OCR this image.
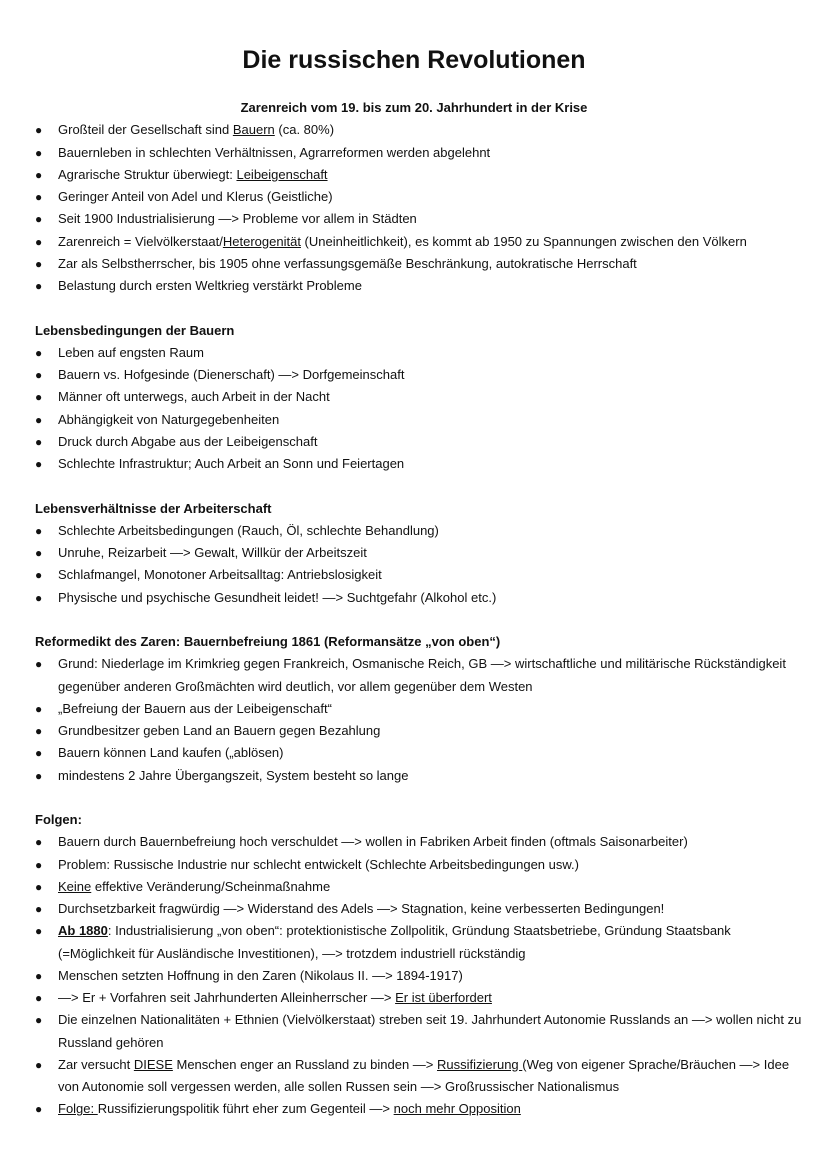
Die russischen Revolutionen
Zarenreich vom 19. bis zum 20. Jahrhundert in der Krise
● Großteil der Gesellschaft sind Bauern (ca. 80%)
● Bauernleben in schlechten Verhältnissen, Agrarreformen werden abgelehnt
● Agrarische Struktur überwiegt: Leibeigenschaft
● Geringer Anteil von Adel und Klerus (Geistliche)
● Seit 1900 Industrialisierung —> Probleme vor allem in Städten
● Zarenreich = Vielvölkerstaat/Heterogenität (Uneinheitlichkeit), es kommt ab 1950 zu Spannungen zwischen den Völkern
● Zar als Selbstherrscher, bis 1905 ohne verfassungsgemäße Beschränkung, autokratische Herrschaft
● Belastung durch ersten Weltkrieg verstärkt Probleme
Lebensbedingungen der Bauern
● Leben auf engsten Raum
● Bauern vs. Hofgesinde (Dienerschaft) —> Dorfgemeinschaft
● Männer oft unterwegs, auch Arbeit in der Nacht
● Abhängigkeit von Naturgegebenheiten
● Druck durch Abgabe aus der Leibeigenschaft
● Schlechte Infrastruktur; Auch Arbeit an Sonn und Feiertagen
Lebensverhältnisse der Arbeiterschaft
● Schlechte Arbeitsbedingungen (Rauch, Öl, schlechte Behandlung)
● Unruhe, Reizarbeit —> Gewalt, Willkür der Arbeitszeit
● Schlafmangel, Monotoner Arbeitsalltag: Antriebslosigkeit
● Physische und psychische Gesundheit leidet! —> Suchtgefahr (Alkohol etc.)
Reformedikt des Zaren: Bauernbefreiung 1861 (Reformansätze „von oben“)
● Grund: Niederlage im Krimkrieg gegen Frankreich, Osmanische Reich, GB —> wirtschaftliche und militärische Rückständigkeit gegenüber anderen Großmächten wird deutlich, vor allem gegenüber dem Westen
● „Befreiung der Bauern aus der Leibeigenschaft“
● Grundbesitzer geben Land an Bauern gegen Bezahlung
● Bauern können Land kaufen („ablösen)
● mindestens 2 Jahre Übergangszeit, System besteht so lange
Folgen:
● Bauern durch Bauernbefreiung hoch verschuldet —> wollen in Fabriken Arbeit finden (oftmals Saisonarbeiter)
● Problem: Russische Industrie nur schlecht entwickelt (Schlechte Arbeitsbedingungen usw.)
● Keine effektive Veränderung/Scheinmaßnahme
● Durchsetzbarkeit fragwürdig —> Widerstand des Adels —> Stagnation, keine verbesserten Bedingungen!
● Ab 1880: Industrialisierung „von oben“: protektionistische Zollpolitik, Gründung Staatsbetriebe, Gründung Staatsbank (=Möglichkeit für Ausländische Investitionen), —> trotzdem industriell rückständig
● Menschen setzten Hoffnung in den Zaren (Nikolaus II. —> 1894-1917)
● —> Er + Vorfahren seit Jahrhunderten Alleinherrscher —> Er ist überfordert
● Die einzelnen Nationalitäten + Ethnien (Vielvölkerstaat) streben seit 19. Jahrhundert Autonomie Russlands an —> wollen nicht zu Russland gehören
● Zar versucht DIESE Menschen enger an Russland zu binden —> Russifizierung (Weg von eigener Sprache/Bräuchen —> Idee von Autonomie soll vergessen werden, alle sollen Russen sein —> Großrussischer Nationalismus
● Folge: Russifizierungspolitik führt eher zum Gegenteil —> noch mehr Opposition
